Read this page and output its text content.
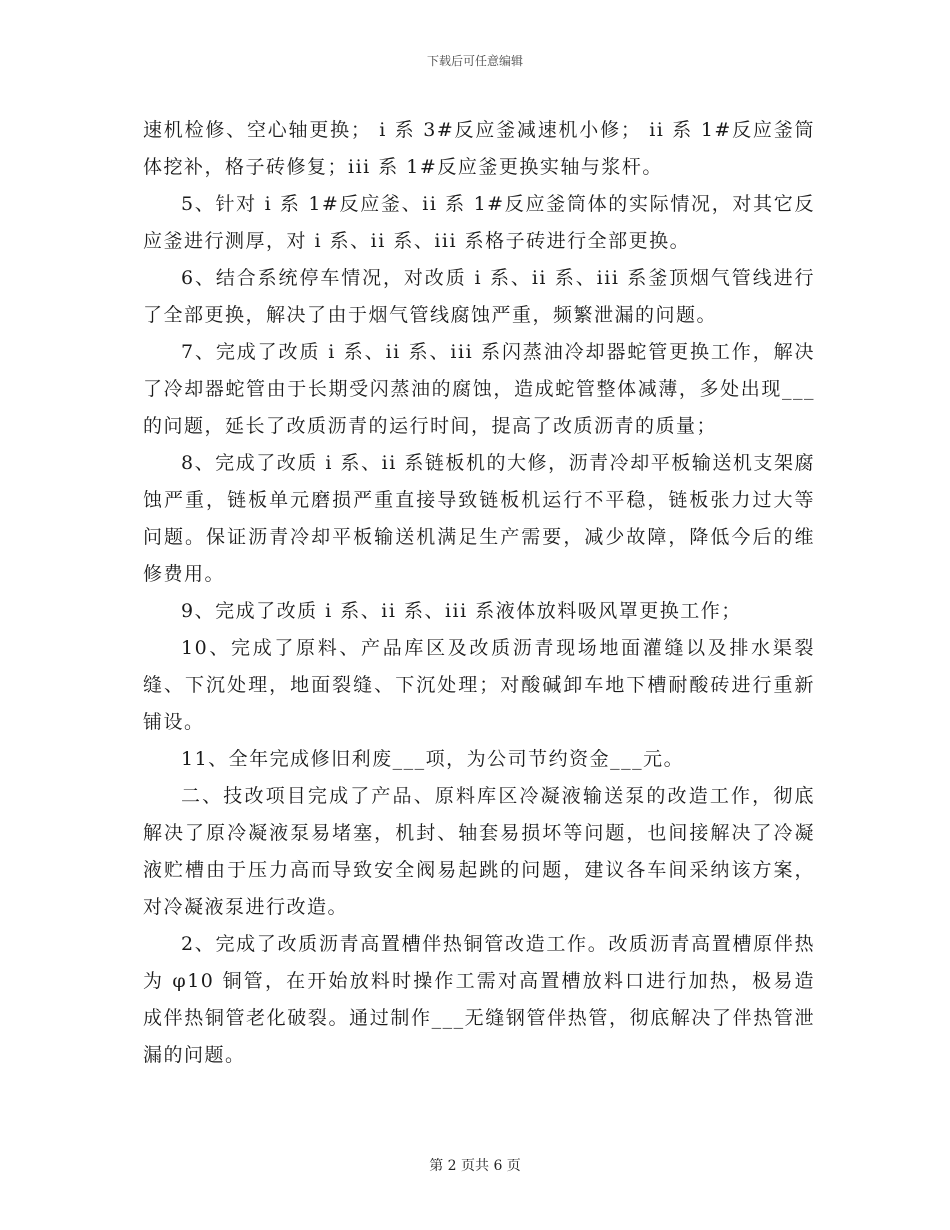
下载后可任意编辑

速机检修、空心轴更换； i 系 3#反应釜减速机小修； ii 系 1#反应釜筒体挖补，格子砖修复；iii 系 1#反应釜更换实轴与浆杆。

5、针对 i 系 1#反应釜、ii 系 1#反应釜筒体的实际情况，对其它反应釜进行测厚，对 i 系、ii 系、iii 系格子砖进行全部更换。

6、结合系统停车情况，对改质 i 系、ii 系、iii 系釜顶烟气管线进行了全部更换，解决了由于烟气管线腐蚀严重，频繁泄漏的问题。

7、完成了改质 i 系、ii 系、iii 系闪蒸油冷却器蛇管更换工作，解决了冷却器蛇管由于长期受闪蒸油的腐蚀，造成蛇管整体减薄，多处出现___的问题，延长了改质沥青的运行时间，提高了改质沥青的质量；

8、完成了改质 i 系、ii 系链板机的大修，沥青冷却平板输送机支架腐蚀严重，链板单元磨损严重直接导致链板机运行不平稳，链板张力过大等问题。保证沥青冷却平板输送机满足生产需要，减少故障，降低今后的维修费用。

9、完成了改质 i 系、ii 系、iii 系液体放料吸风罩更换工作；

10、完成了原料、产品库区及改质沥青现场地面灌缝以及排水渠裂缝、下沉处理，地面裂缝、下沉处理；对酸碱卸车地下槽耐酸砖进行重新铺设。

11、全年完成修旧利废___项，为公司节约资金___元。

二、技改项目完成了产品、原料库区冷凝液输送泵的改造工作，彻底解决了原冷凝液泵易堵塞，机封、轴套易损坏等问题，也间接解决了冷凝液贮槽由于压力高而导致安全阀易起跳的问题，建议各车间采纳该方案，对冷凝液泵进行改造。

2、完成了改质沥青高置槽伴热铜管改造工作。改质沥青高置槽原伴热为 φ10 铜管，在开始放料时操作工需对高置槽放料口进行加热，极易造成伴热铜管老化破裂。通过制作___无缝钢管伴热管，彻底解决了伴热管泄漏的问题。

第 2 页共 6 页
